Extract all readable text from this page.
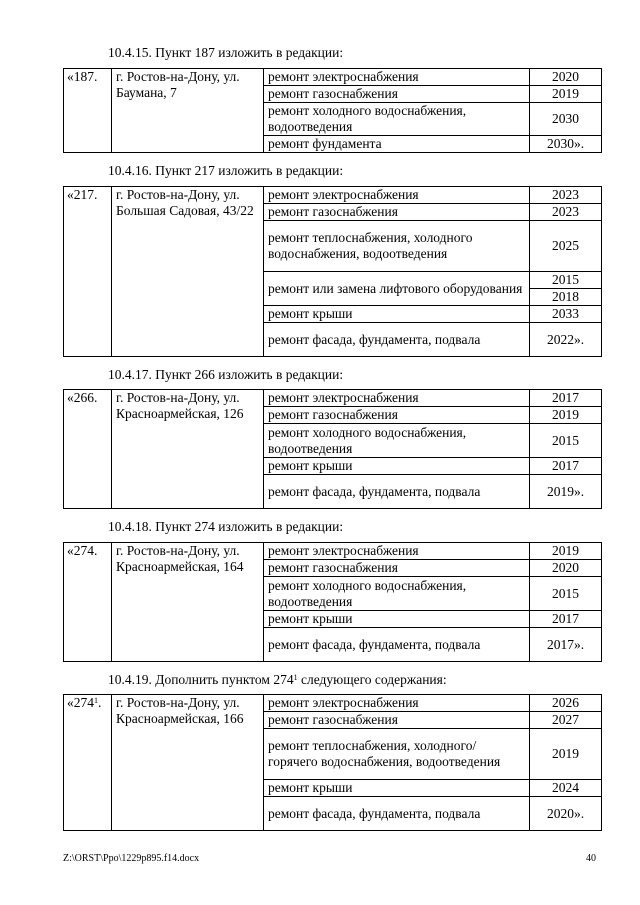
10.4.15. Пункт 187 изложить в редакции:
«187.	г. Ростов-на-Дону, ул. Баумана, 7	ремонт электроснабжения	2020
		ремонт газоснабжения	2019
		ремонт холодного водоснабжения, водоотведения	2030
		ремонт фундамента	2030».
10.4.16. Пункт 217 изложить в редакции:
«217.	г. Ростов-на-Дону, ул. Большая Садовая, 43/22	ремонт электроснабжения	2023
		ремонт газоснабжения	2023
		ремонт теплоснабжения, холодного водоснабжения, водоотведения	2025
		ремонт или замена лифтового оборудования	2015
			2018
		ремонт крыши	2033
		ремонт фасада, фундамента, подвала	2022».
10.4.17. Пункт 266 изложить в редакции:
«266.	г. Ростов-на-Дону, ул. Красноармейская, 126	ремонт электроснабжения	2017
		ремонт газоснабжения	2019
		ремонт холодного водоснабжения, водоотведения	2015
		ремонт крыши	2017
		ремонт фасада, фундамента, подвала	2019».
10.4.18. Пункт 274 изложить в редакции:
«274.	г. Ростов-на-Дону, ул. Красноармейская, 164	ремонт электроснабжения	2019
		ремонт газоснабжения	2020
		ремонт холодного водоснабжения, водоотведения	2015
		ремонт крыши	2017
		ремонт фасада, фундамента, подвала	2017».
10.4.19. Дополнить пунктом $274^1$ следующего содержания:
«$274^1$.	г. Ростов-на-Дону, ул. Красноармейская, 166	ремонт электроснабжения	2026
		ремонт газоснабжения	2027
		ремонт теплоснабжения, холодного/горячего водоснабжения, водоотведения	2019
		ремонт крыши	2024
		ремонт фасада, фундамента, подвала	2020».
Z:\ORST\Ppo\1229p895.f14.docx	40
